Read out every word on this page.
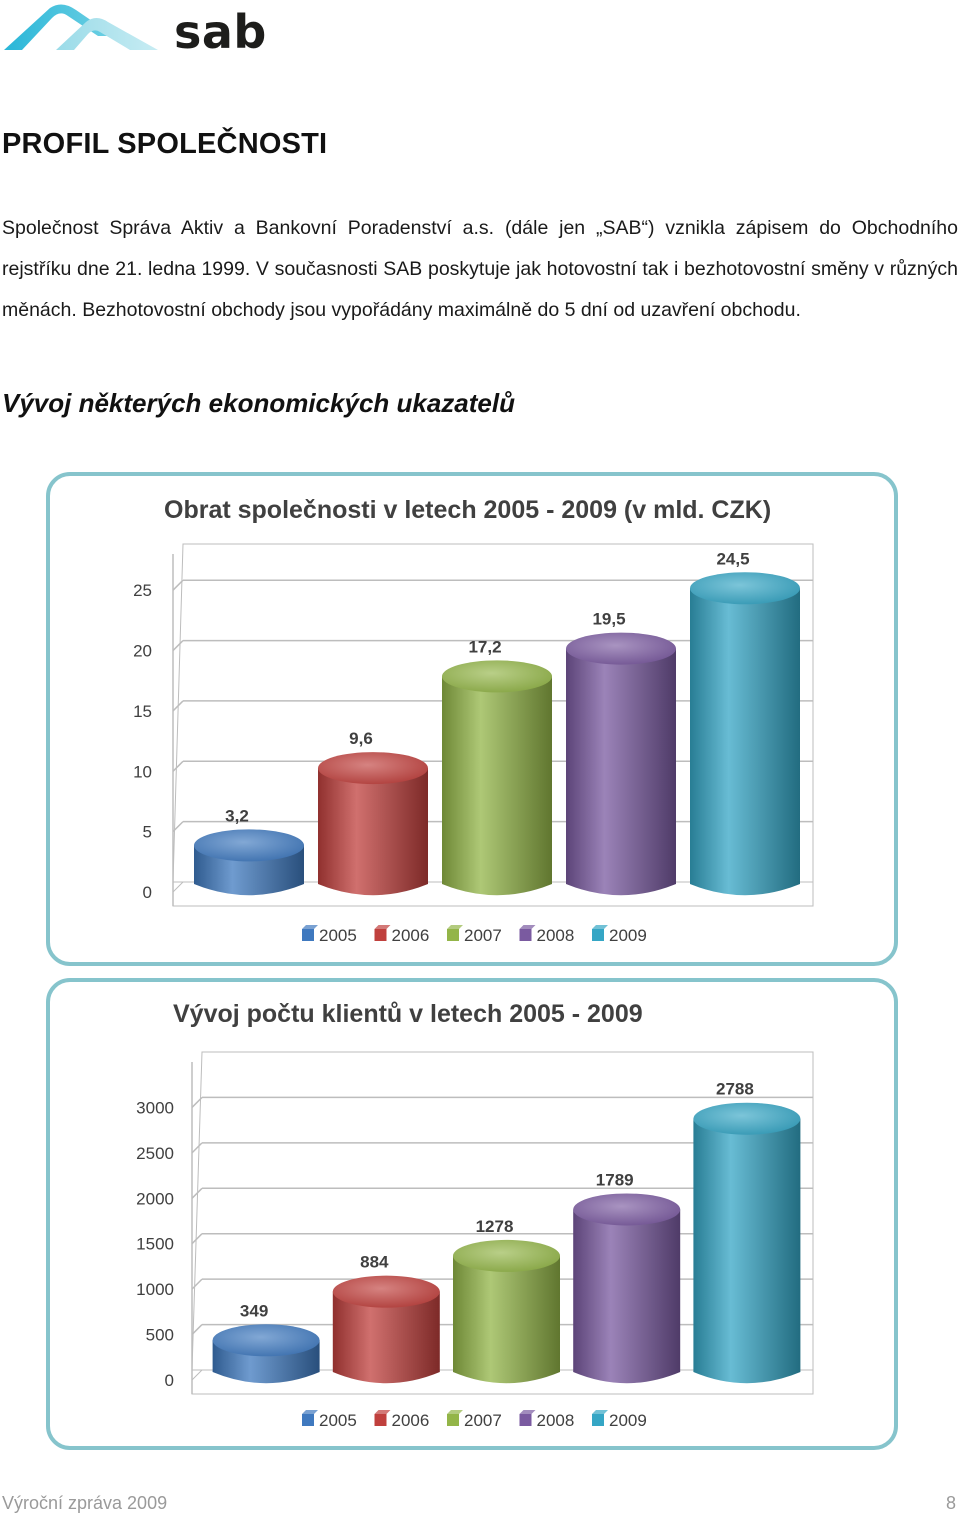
sab
PROFIL SPOLEČNOSTI

Společnost Správa Aktiv a Bankovní Poradenství a.s. (dále jen „SAB“) vznikla zápisem do Obchodního rejstříku dne 21. ledna 1999. V současnosti SAB poskytuje jak hotovostní tak i bezhotovostní směny v různých měnách. Bezhotovostní obchody jsou vypořádány maximálně do 5 dní od uzavření obchodu.

Vývoj některých ekonomických ukazatelů
Obrat společnosti v letech 2005 - 2009 (v mld. CZK)
0
5
10
15
20
25
3,2
9,6
17,2
19,5
24,5
2005 2006 2007 2008 2009
Vývoj počtu klientů v letech 2005 - 2009
0
500
1000
1500
2000
2500
3000
349
884
1278
1789
2788
2005 2006 2007 2008 2009
Výroční zpráva 2009	8
